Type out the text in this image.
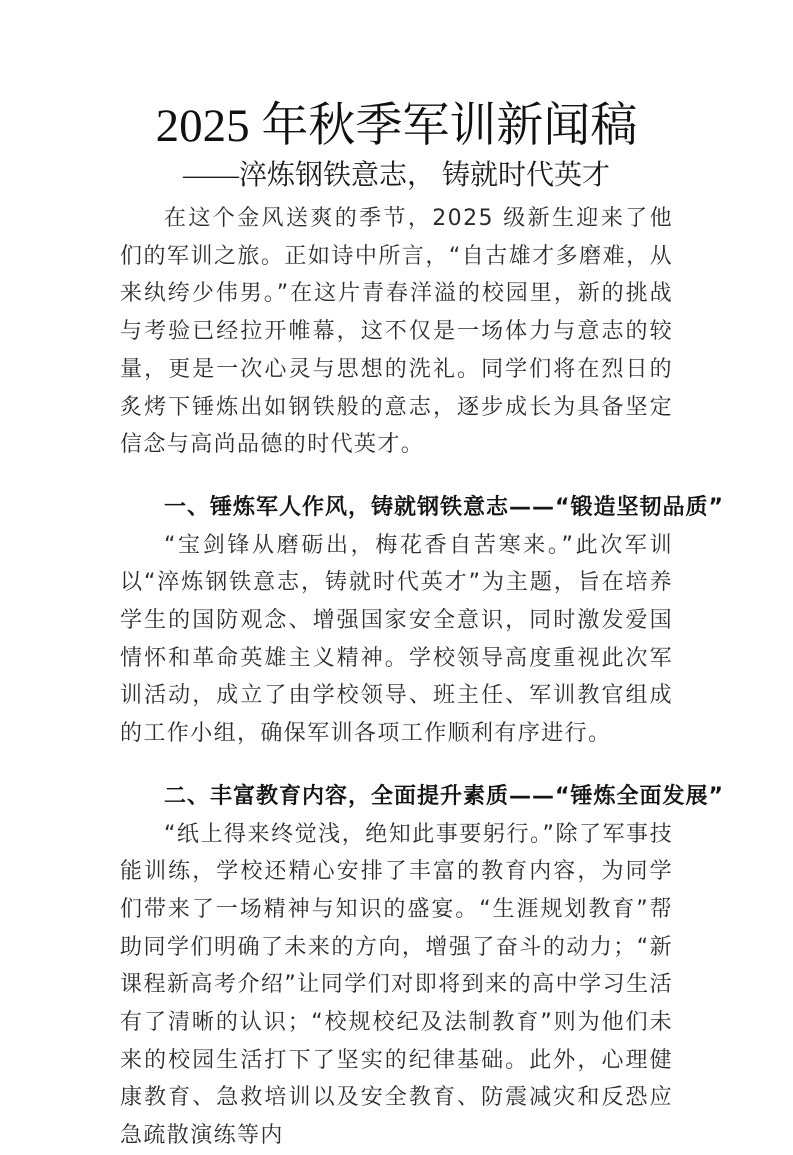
2025 年秋季军训新闻稿
——淬炼钢铁意志， 铸就时代英才

在这个金风送爽的季节，2025 级新生迎来了他们的军训之旅。正如诗中所言，“自古雄才多磨难，从来纨绔少伟男。”在这片青春洋溢的校园里，新的挑战与考验已经拉开帷幕，这不仅是一场体力与意志的较量，更是一次心灵与思想的洗礼。同学们将在烈日的炙烤下锤炼出如钢铁般的意志，逐步成长为具备坚定信念与高尚品德的时代英才。

一、锤炼军人作风，铸就钢铁意志——“锻造坚韧品质”

“宝剑锋从磨砺出，梅花香自苦寒来。”此次军训以“淬炼钢铁意志，铸就时代英才”为主题，旨在培养学生的国防观念、增强国家安全意识，同时激发爱国情怀和革命英雄主义精神。学校领导高度重视此次军训活动，成立了由学校领导、班主任、军训教官组成的工作小组，确保军训各项工作顺利有序进行。

二、丰富教育内容，全面提升素质——“锤炼全面发展”

“纸上得来终觉浅，绝知此事要躬行。”除了军事技能训练，学校还精心安排了丰富的教育内容，为同学们带来了一场精神与知识的盛宴。“生涯规划教育”帮助同学们明确了未来的方向，增强了奋斗的动力；“新课程新高考介绍”让同学们对即将到来的高中学习生活有了清晰的认识；“校规校纪及法制教育”则为他们未来的校园生活打下了坚实的纪律基础。此外，心理健康教育、急救培训以及安全教育、防震减灾和反恐应急疏散演练等内
